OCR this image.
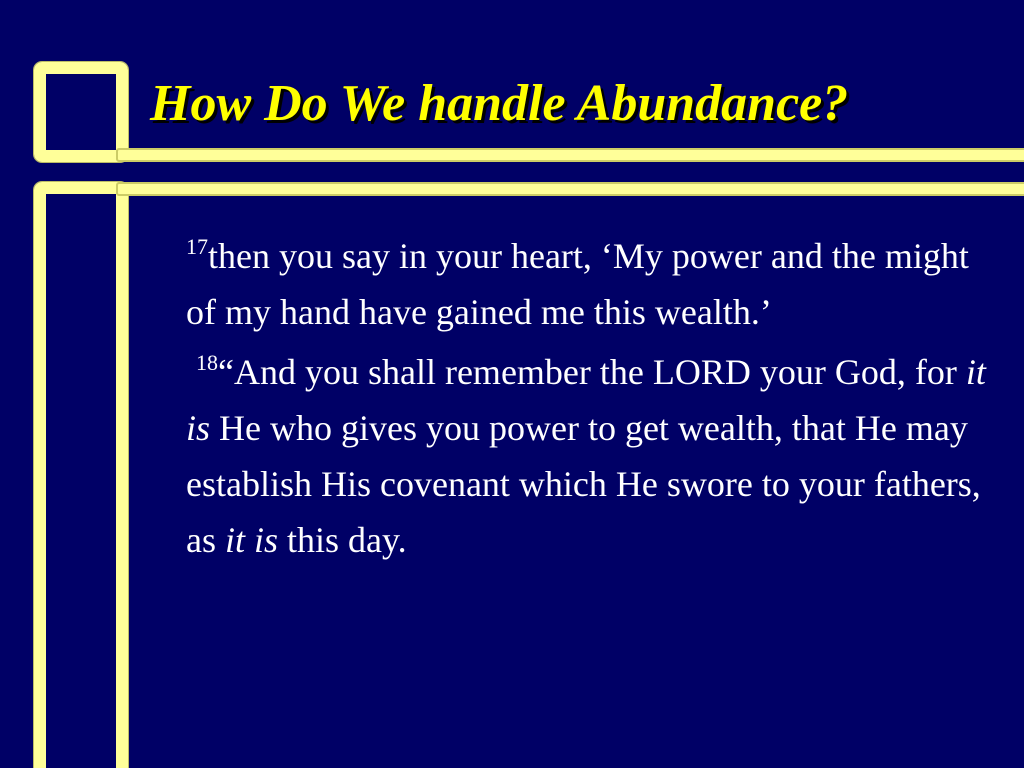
How Do We handle Abundance?

$^{17}$then you say in your heart, ‘My power and the might of my hand have gained me this wealth.’

$^{18}$“And you shall remember the LORD your God, for it is He who gives you power to get wealth, that He may establish His covenant which He swore to your fathers, as it is this day.
